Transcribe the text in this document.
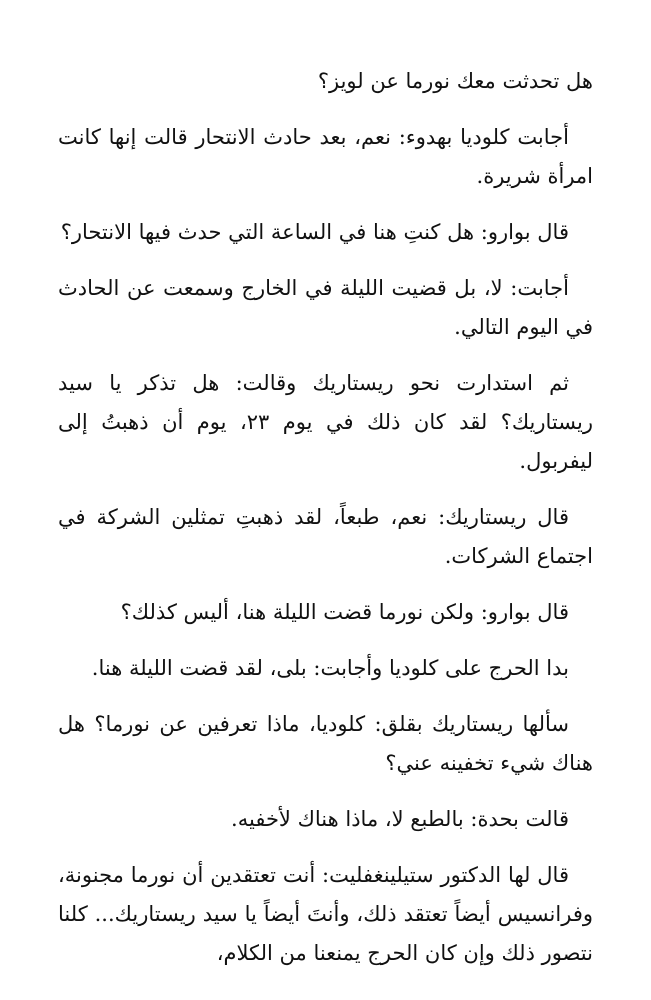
هل تحدثت معك نورما عن لويز؟

أجابت كلوديا بهدوء: نعم، بعد حادث الانتحار قالت إنها كانت امرأة شريرة.

قال بوارو: هل كنتِ هنا في الساعة التي حدث فيها الانتحار؟

أجابت: لا، بل قضيت الليلة في الخارج وسمعت عن الحادث في اليوم التالي.

ثم استدارت نحو ريستاريك وقالت: هل تذكر يا سيد ريستاريك؟ لقد كان ذلك في يوم ٢٣، يوم أن ذهبتُ إلى ليفربول.

قال ريستاريك: نعم، طبعاً، لقد ذهبتِ تمثلين الشركة في اجتماع الشركات.

قال بوارو: ولكن نورما قضت الليلة هنا، أليس كذلك؟

بدا الحرج على كلوديا وأجابت: بلى، لقد قضت الليلة هنا.

سألها ريستاريك بقلق: كلوديا، ماذا تعرفين عن نورما؟ هل هناك شيء تخفينه عني؟

قالت بحدة: بالطبع لا، ماذا هناك لأخفيه.

قال لها الدكتور ستيلينغفليت: أنت تعتقدين أن نورما مجنونة، وفرانسيس أيضاً تعتقد ذلك، وأنتَ أيضاً يا سيد ريستاريك... كلنا نتصور ذلك وإن كان الحرج يمنعنا من الكلام،
